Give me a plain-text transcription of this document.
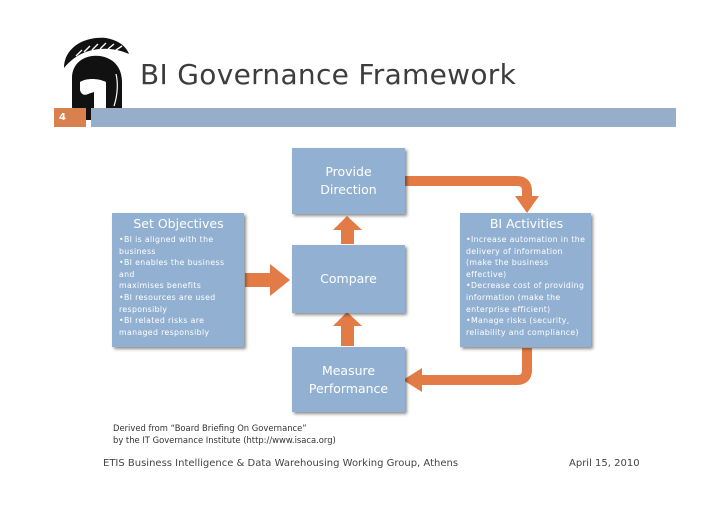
BI Governance Framework
4
Provide
Direction
Compare
Measure
Performance
Set Objectives
•BI is aligned with the
business
•BI enables the business and
maximises benefits
•BI resources are used
responsibly
•BI related risks are
managed responsibly
BI Activities
•Increase automation in the
delivery of information
(make the business effective)
•Decrease cost of providing
information (make the
enterprise efficient)
•Manage risks (security,
reliability and compliance)
Derived from “Board Briefing On Governance”
by the IT Governance Institute (http://www.isaca.org)
ETIS Business Intelligence & Data Warehousing Working Group, Athens	April 15, 2010
